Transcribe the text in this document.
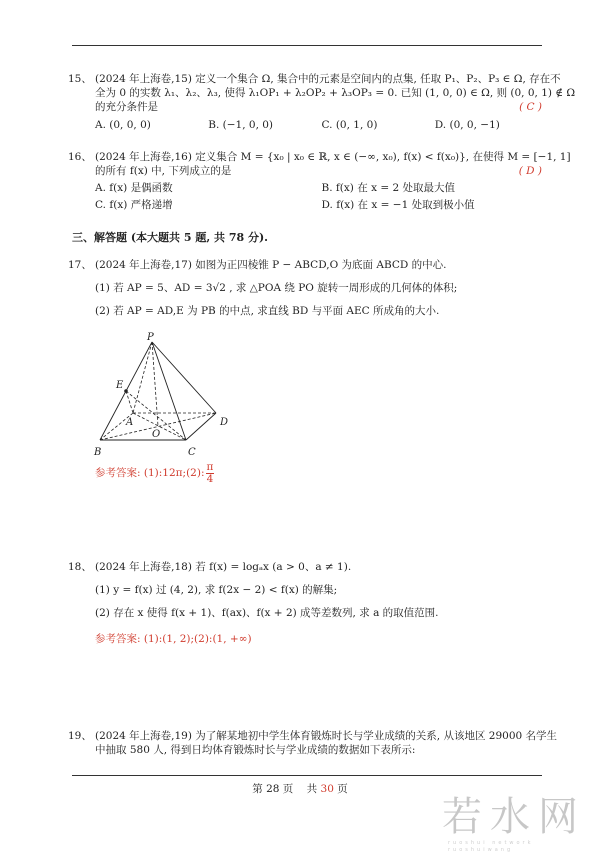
15、 (2024 年上海卷,15) 定义一个集合 Ω, 集合中的元素是空间内的点集, 任取 P₁、P₂、P₃ ∈ Ω, 存在不
全为 0 的实数 λ₁、λ₂、λ₃, 使得 λ₁OP₁ + λ₂OP₂ + λ₃OP₃ = 0. 已知 (1, 0, 0) ∈ Ω, 则 (0, 0, 1) ∉ Ω
的充分条件是	( C )
A. (0, 0, 0)	B. (−1, 0, 0)	C. (0, 1, 0)	D. (0, 0, −1)
16、 (2024 年上海卷,16) 定义集合 M = {x₀ | x₀ ∈ ℝ, x ∈ (−∞, x₀), f(x) < f(x₀)}, 在使得 M = [−1, 1]
的所有 f(x) 中, 下列成立的是	( D )
A. f(x) 是偶函数	B. f(x) 在 x = 2 处取最大值
C. f(x) 严格递增	D. f(x) 在 x = −1 处取到极小值
三、解答题 (本大题共 5 题, 共 78 分).
17、 (2024 年上海卷,17) 如图为正四棱锥 P − ABCD,O 为底面 ABCD 的中心.
(1) 若 AP = 5、AD = 3√2 , 求 △POA 绕 PO 旋转一周形成的几何体的体积;
(2) 若 AP = AD,E 为 PB 的中点, 求直线 BD 与平面 AEC 所成角的大小.
P
E
A
O
D
B	C
参考答案: (1):12π;(2): $\frac{\pi}{4}$
18、 (2024 年上海卷,18) 若 f(x) = logₐx (a > 0、a ≠ 1).
(1) y = f(x) 过 (4, 2), 求 f(2x − 2) < f(x) 的解集;
(2) 存在 x 使得 f(x + 1)、f(ax)、f(x + 2) 成等差数列, 求 a 的取值范围.
参考答案: (1):(1, 2);(2):(1, +∞)
19、 (2024 年上海卷,19) 为了解某地初中学生体育锻炼时长与学业成绩的关系, 从该地区 29000 名学生
中抽取 580 人, 得到日均体育锻炼时长与学业成绩的数据如下表所示:
第 28 页 共 30 页
若水网
ruoshui network ruoshuiwang
